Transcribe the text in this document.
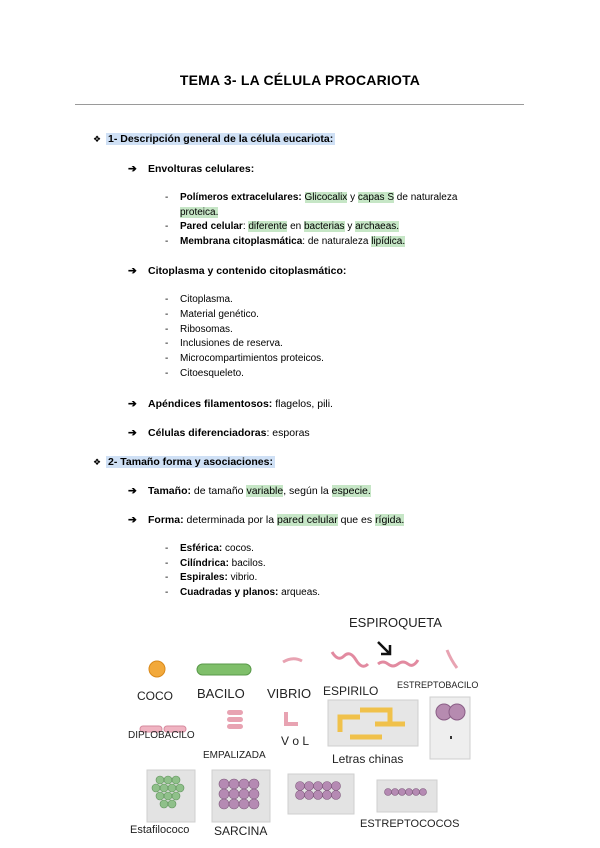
TEMA 3- LA CÉLULA PROCARIOTA
❖ 1- Descripción general de la célula eucariota:
➔ Envolturas celulares:
- Polímeros extracelulares: Glicocalix y capas S de naturaleza
proteica.
- Pared celular: diferente en bacterias y archaeas.
- Membrana citoplasmática: de naturaleza lipídica.
➔ Citoplasma y contenido citoplasmático:
- Citoplasma.
- Material genético.
- Ribosomas.
- Inclusiones de reserva.
- Microcompartimientos proteicos.
- Citoesqueleto.
➔ Apéndices filamentosos: flagelos, pili.
➔ Células diferenciadoras: esporas
❖ 2- Tamaño forma y asociaciones:
➔ Tamaño: de tamaño variable, según la especie.
➔ Forma: determinada por la pared celular que es rígida.
- Esférica: cocos.
- Cilíndrica: bacilos.
- Espirales: vibrio.
- Cuadradas y planos: arqueas.
ESPIROQUETA
COCO BACILO VIBRIO ESPIRILO ESTREPTOBACILO
DIPLOBACILO
EMPALIZADA
V o L
Letras chinas
Estafilococo SARCINA	ESTREPTOCOCOS
